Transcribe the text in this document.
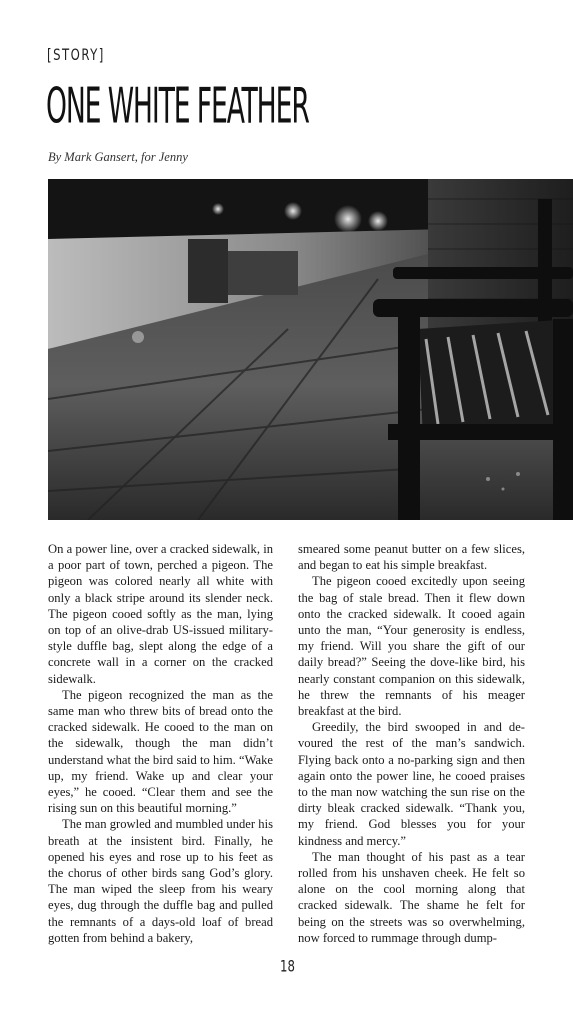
[STORY]
ONE WHITE FEATHER
By Mark Gansert, for Jenny

On a power line, over a cracked sidewalk, in a poor part of town, perched a pigeon. The pigeon was colored nearly all white with only a black stripe around its slender neck. The pigeon cooed softly as the man, lying on top of an olive-drab US-issued military-style duffle bag, slept along the edge of a concrete wall in a corner on the cracked sidewalk.

The pigeon recognized the man as the same man who threw bits of bread onto the cracked sidewalk. He cooed to the man on the sidewalk, though the man didn’t understand what the bird said to him. “Wake up, my friend. Wake up and clear your eyes,” he cooed. “Clear them and see the rising sun on this beautiful morning.”

The man growled and mumbled under his breath at the insistent bird. Finally, he opened his eyes and rose up to his feet as the chorus of other birds sang God’s glory. The man wiped the sleep from his weary eyes, dug through the duffle bag and pulled the remnants of a days-old loaf of bread gotten from behind a bakery,

smeared some peanut butter on a few slices, and began to eat his simple breakfast.

The pigeon cooed excitedly upon seeing the bag of stale bread. Then it flew down onto the cracked sidewalk. It cooed again unto the man, “Your generosity is endless, my friend. Will you share the gift of our daily bread?” Seeing the dove-like bird, his nearly constant companion on this sidewalk, he threw the remnants of his meager breakfast at the bird.

Greedily, the bird swooped in and devoured the rest of the man’s sandwich. Flying back onto a no-parking sign and then again onto the power line, he cooed praises to the man now watching the sun rise on the dirty bleak cracked sidewalk. “Thank you, my friend. God blesses you for your kindness and mercy.”

The man thought of his past as a tear rolled from his unshaven cheek. He felt so alone on the cool morning along that cracked sidewalk. The shame he felt for being on the streets was so overwhelming, now forced to rummage through dump-

18
